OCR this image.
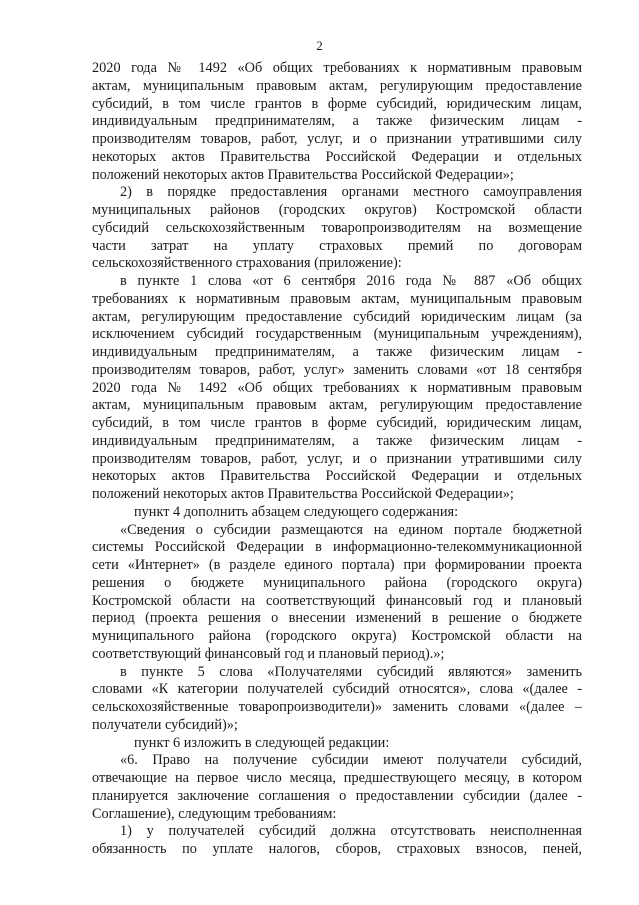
2
2020 года № 1492 «Об общих требованиях к нормативным правовым
актам, муниципальным правовым актам, регулирующим предоставление
субсидий, в том числе грантов в форме субсидий, юридическим лицам,
индивидуальным предпринимателям, а также физическим лицам -
производителям товаров, работ, услуг, и о признании утратившими силу
некоторых актов Правительства Российской Федерации и отдельных
положений некоторых актов Правительства Российской Федерации»;
2) в порядке предоставления органами местного самоуправления
муниципальных районов (городских округов) Костромской области
субсидий сельскохозяйственным товаропроизводителям на возмещение
части затрат на уплату страховых премий по договорам
сельскохозяйственного страхования (приложение):
в пункте 1 слова «от 6 сентября 2016 года № 887 «Об общих
требованиях к нормативным правовым актам, муниципальным правовым
актам, регулирующим предоставление субсидий юридическим лицам (за
исключением субсидий государственным (муниципальным учреждениям),
индивидуальным предпринимателям, а также физическим лицам -
производителям товаров, работ, услуг» заменить словами «от 18 сентября
2020 года № 1492 «Об общих требованиях к нормативным правовым
актам, муниципальным правовым актам, регулирующим предоставление
субсидий, в том числе грантов в форме субсидий, юридическим лицам,
индивидуальным предпринимателям, а также физическим лицам -
производителям товаров, работ, услуг, и о признании утратившими силу
некоторых актов Правительства Российской Федерации и отдельных
положений некоторых актов Правительства Российской Федерации»;
пункт 4 дополнить абзацем следующего содержания:
«Сведения о субсидии размещаются на едином портале бюджетной
системы Российской Федерации в информационно-телекоммуникационной
сети «Интернет» (в разделе единого портала) при формировании проекта
решения о бюджете муниципального района (городского округа)
Костромской области на соответствующий финансовый год и плановый
период (проекта решения о внесении изменений в решение о бюджете
муниципального района (городского округа) Костромской области на
соответствующий финансовый год и плановый период).»;
в пункте 5 слова «Получателями субсидий являются» заменить
словами «К категории получателей субсидий относятся», слова «(далее -
сельскохозяйственные товаропроизводители)» заменить словами «(далее –
получатели субсидий)»;
пункт 6 изложить в следующей редакции:
«6. Право на получение субсидии имеют получатели субсидий,
отвечающие на первое число месяца, предшествующего месяцу, в котором
планируется заключение соглашения о предоставлении субсидии (далее -
Соглашение), следующим требованиям:
1) у получателей субсидий должна отсутствовать неисполненная
обязанность по уплате налогов, сборов, страховых взносов, пеней,
